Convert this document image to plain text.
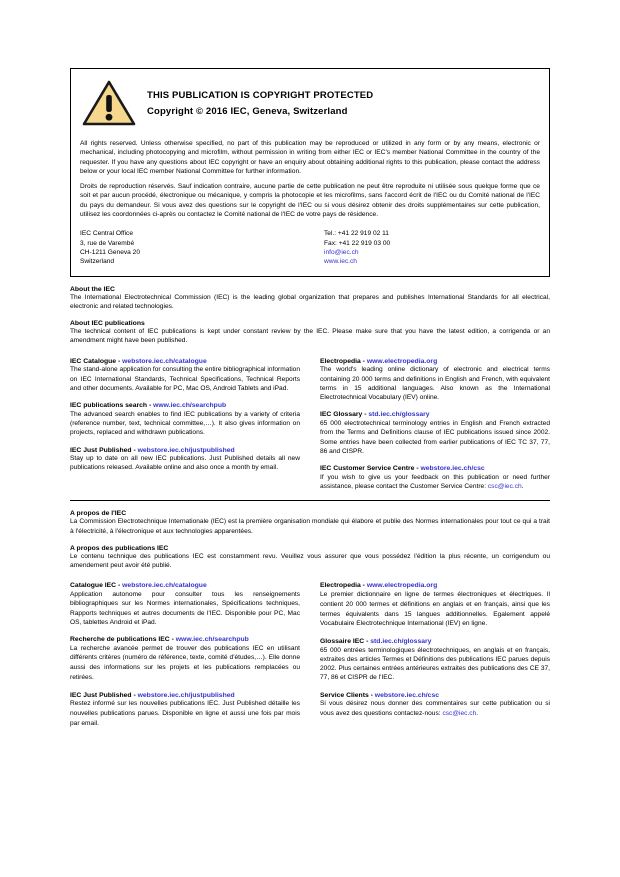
THIS PUBLICATION IS COPYRIGHT PROTECTED
Copyright © 2016 IEC, Geneva, Switzerland
All rights reserved. Unless otherwise specified, no part of this publication may be reproduced or utilized in any form or by any means, electronic or mechanical, including photocopying and microfilm, without permission in writing from either IEC or IEC's member National Committee in the country of the requester. If you have any questions about IEC copyright or have an enquiry about obtaining additional rights to this publication, please contact the address below or your local IEC member National Committee for further information.
Droits de reproduction réservés. Sauf indication contraire, aucune partie de cette publication ne peut être reproduite ni utilisée sous quelque forme que ce soit et par aucun procédé, électronique ou mécanique, y compris la photocopie et les microfilms, sans l'accord écrit de l'IEC ou du Comité national de l'IEC du pays du demandeur. Si vous avez des questions sur le copyright de l'IEC ou si vous désirez obtenir des droits supplémentaires sur cette publication, utilisez les coordonnées ci-après ou contactez le Comité national de l'IEC de votre pays de résidence.
IEC Central Office
3, rue de Varembé
CH-1211 Geneva 20
Switzerland
Tel.: +41 22 919 02 11
Fax: +41 22 919 03 00
info@iec.ch
www.iec.ch
About the IEC
The International Electrotechnical Commission (IEC) is the leading global organization that prepares and publishes International Standards for all electrical, electronic and related technologies.
About IEC publications
The technical content of IEC publications is kept under constant review by the IEC. Please make sure that you have the latest edition, a corrigenda or an amendment might have been published.
IEC Catalogue - webstore.iec.ch/catalogue
The stand-alone application for consulting the entire bibliographical information on IEC International Standards, Technical Specifications, Technical Reports and other documents. Available for PC, Mac OS, Android Tablets and iPad.
IEC publications search - www.iec.ch/searchpub
The advanced search enables to find IEC publications by a variety of criteria (reference number, text, technical committee,…). It also gives information on projects, replaced and withdrawn publications.
IEC Just Published - webstore.iec.ch/justpublished
Stay up to date on all new IEC publications. Just Published details all new publications released. Available online and also once a month by email.
Electropedia - www.electropedia.org
The world's leading online dictionary of electronic and electrical terms containing 20 000 terms and definitions in English and French, with equivalent terms in 15 additional languages. Also known as the International Electrotechnical Vocabulary (IEV) online.
IEC Glossary - std.iec.ch/glossary
65 000 electrotechnical terminology entries in English and French extracted from the Terms and Definitions clause of IEC publications issued since 2002. Some entries have been collected from earlier publications of IEC TC 37, 77, 86 and CISPR.
IEC Customer Service Centre - webstore.iec.ch/csc
If you wish to give us your feedback on this publication or need further assistance, please contact the Customer Service Centre: csc@iec.ch.
A propos de l'IEC
La Commission Electrotechnique Internationale (IEC) est la première organisation mondiale qui élabore et publie des Normes internationales pour tout ce qui a trait à l'électricité, à l'électronique et aux technologies apparentées.
A propos des publications IEC
Le contenu technique des publications IEC est constamment revu. Veuillez vous assurer que vous possédez l'édition la plus récente, un corrigendum ou amendement peut avoir été publié.
Catalogue IEC - webstore.iec.ch/catalogue
Application autonome pour consulter tous les renseignements bibliographiques sur les Normes internationales, Spécifications techniques, Rapports techniques et autres documents de l'IEC. Disponible pour PC, Mac OS, tablettes Android et iPad.
Recherche de publications IEC - www.iec.ch/searchpub
La recherche avancée permet de trouver des publications IEC en utilisant différents critères (numéro de référence, texte, comité d'études,…). Elle donne aussi des informations sur les projets et les publications remplacées ou retirées.
IEC Just Published - webstore.iec.ch/justpublished
Restez informé sur les nouvelles publications IEC. Just Published détaille les nouvelles publications parues. Disponible en ligne et aussi une fois par mois par email.
Electropedia - www.electropedia.org
Le premier dictionnaire en ligne de termes électroniques et électriques. Il contient 20 000 termes et définitions en anglais et en français, ainsi que les termes équivalents dans 15 langues additionnelles. Egalement appelé Vocabulaire Electrotechnique International (IEV) en ligne.
Glossaire IEC - std.iec.ch/glossary
65 000 entrées terminologiques électrotechniques, en anglais et en français, extraites des articles Termes et Définitions des publications IEC parues depuis 2002. Plus certaines entrées antérieures extraites des publications des CE 37, 77, 86 et CISPR de l'IEC.
Service Clients - webstore.iec.ch/csc
Si vous désirez nous donner des commentaires sur cette publication ou si vous avez des questions contactez-nous: csc@iec.ch.
